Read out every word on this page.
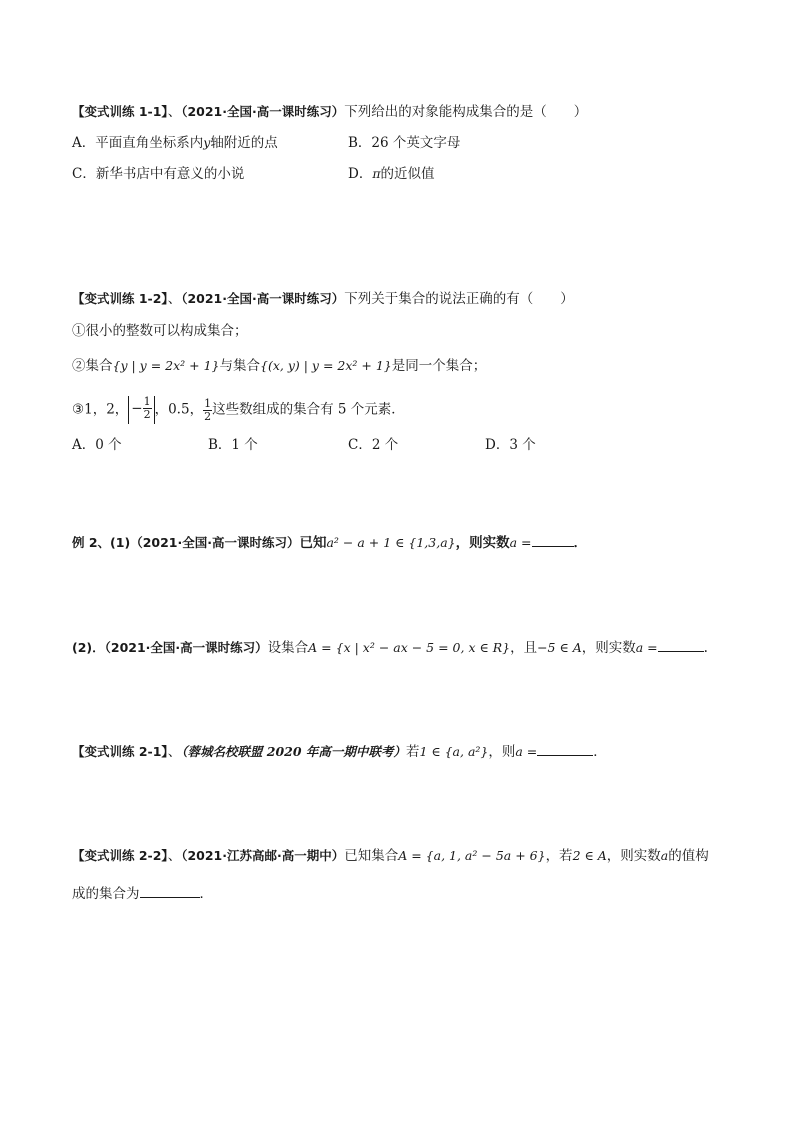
【变式训练 1-1】、（2021·全国·高一课时练习）下列给出的对象能构成集合的是（　　）
A．平面直角坐标系内y轴附近的点	B．26 个英文字母
C．新华书店中有意义的小说	D．π的近似值
【变式训练 1-2】、（2021·全国·高一课时练习）下列关于集合的说法正确的有（　　）
①很小的整数可以构成集合；
②集合{y | y = 2x² + 1}与集合{(x, y) | y = 2x² + 1}是同一个集合；
③1，2， − $\frac{1}{2}$ ，0.5， $\frac{1}{2}$ 这些数组成的集合有 5 个元素．
A．0 个	B．1 个	C．2 个	D．3 个
例 2、(1)（2021·全国·高一课时练习）已知a² − a + 1 ∈ {1,3,a}，则实数a =	．
(2)．（2021·全国·高一课时练习）设集合A = {x | x² − ax − 5 = 0, x ∈ R}，且−5 ∈ A，则实数a =	.
【变式训练 2-1】、（蓉城名校联盟 2020 年高一期中联考）若1 ∈ {a, a²}，则a =	．
【变式训练 2-2】、（2021·江苏高邮·高一期中）已知集合A = {a, 1, a² − 5a + 6}，若2 ∈ A，则实数a的值构
成的集合为	．
